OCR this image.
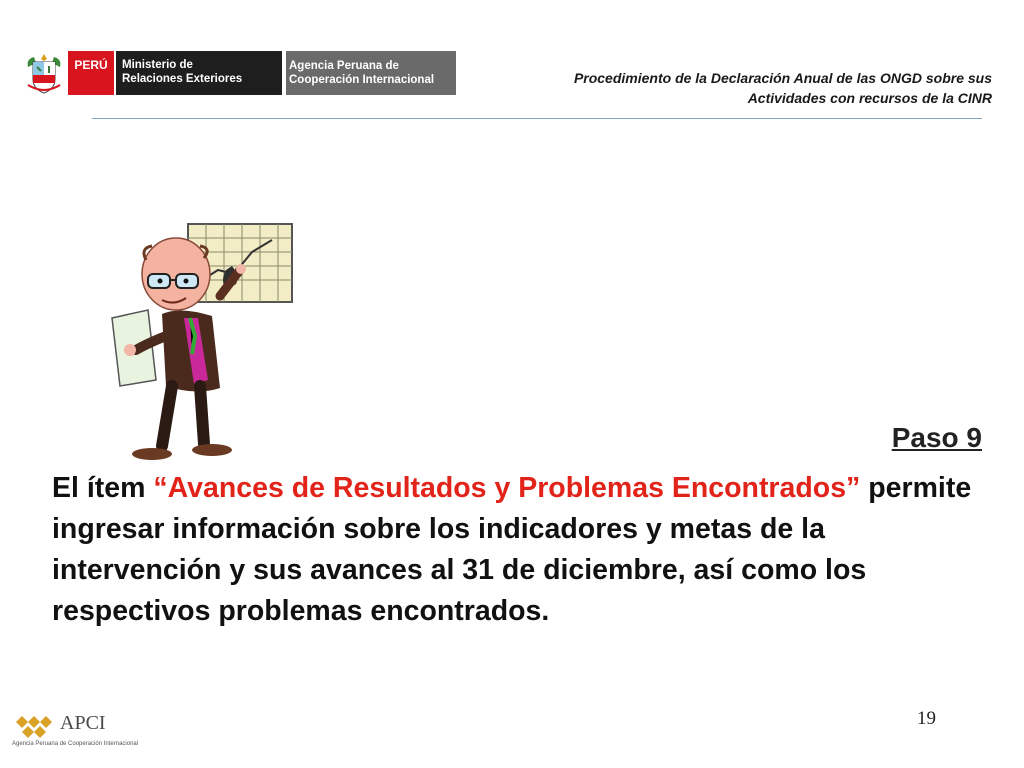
PERÚ Ministerio de
Relaciones Exteriores
Agencia Peruana de
Cooperación Internacional	Procedimiento de la Declaración Anual de las ONGD sobre sus
Actividades con recursos de la CINR
Paso 9
El ítem “Avances de Resultados y Problemas Encontrados” permite ingresar información sobre los indicadores y metas de la intervención y sus avances al 31 de diciembre, así como los respectivos problemas encontrados.
APCI
Agencia Peruana de Cooperación Internacional
19
